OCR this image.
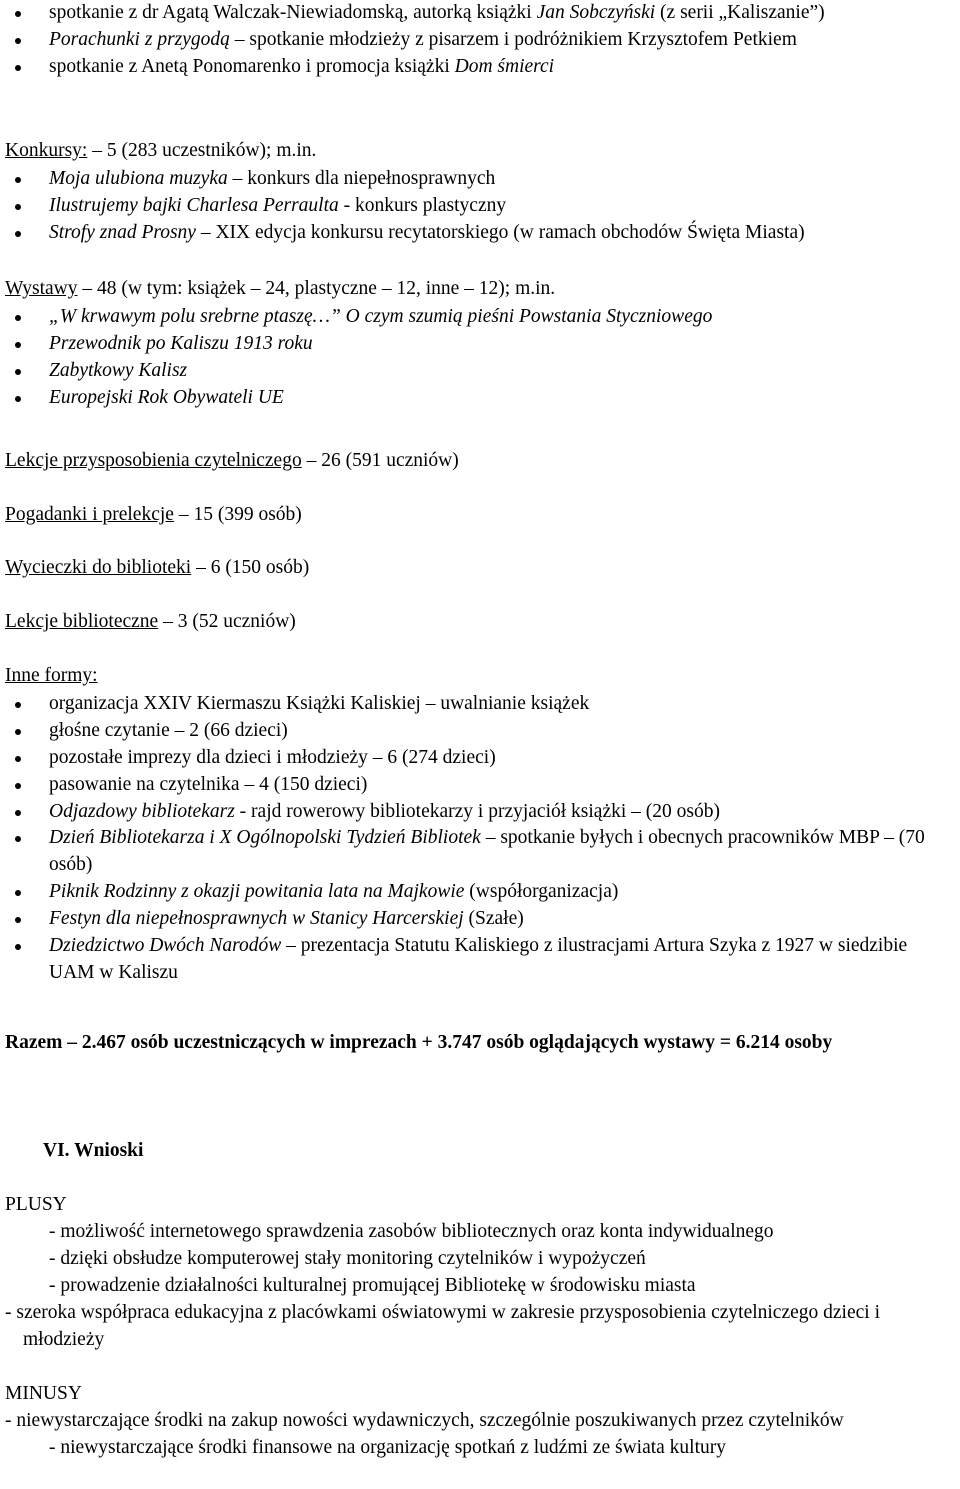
spotkanie z dr Agatą Walczak-Niewiadomską, autorką książki Jan Sobczyński (z serii „Kaliszanie”)
Porachunki z przygodą – spotkanie młodzieży z pisarzem i podróżnikiem Krzysztofem Petkiem
spotkanie z Anetą Ponomarenko i promocja książki Dom śmierci
Konkursy: – 5 (283 uczestników); m.in.
Moja ulubiona muzyka – konkurs dla niepełnosprawnych
Ilustrujemy bajki Charlesa Perraulta - konkurs plastyczny
Strofy znad Prosny – XIX edycja konkursu recytatorskiego (w ramach obchodów Święta Miasta)
Wystawy – 48 (w tym: książek – 24, plastyczne – 12, inne – 12); m.in.
„W krwawym polu srebrne ptaszę…” O czym szumią pieśni Powstania Styczniowego
Przewodnik po Kaliszu 1913 roku
Zabytkowy Kalisz
Europejski Rok Obywateli UE
Lekcje przysposobienia czytelniczego – 26 (591 uczniów)
Pogadanki i prelekcje – 15 (399 osób)
Wycieczki do biblioteki – 6 (150 osób)
Lekcje biblioteczne – 3 (52 uczniów)
Inne formy:
organizacja XXIV Kiermaszu Książki Kaliskiej – uwalnianie książek
głośne czytanie – 2 (66 dzieci)
pozostałe imprezy dla dzieci i młodzieży – 6 (274 dzieci)
pasowanie na czytelnika – 4 (150 dzieci)
Odjazdowy bibliotekarz - rajd rowerowy bibliotekarzy i przyjaciół książki – (20 osób)
Dzień Bibliotekarza i X Ogólnopolski Tydzień Bibliotek – spotkanie byłych i obecnych pracowników MBP – (70 osób)
Piknik Rodzinny z okazji powitania lata na Majkowie (współorganizacja)
Festyn dla niepełnosprawnych w Stanicy Harcerskiej (Szałe)
Dziedzictwo Dwóch Narodów – prezentacja Statutu Kaliskiego z ilustracjami Artura Szyka z 1927 w siedzibie UAM w Kaliszu
Razem – 2.467 osób uczestniczących w imprezach + 3.747 osób oglądających wystawy = 6.214 osoby
VI. Wnioski
PLUSY
- możliwość internetowego sprawdzenia zasobów bibliotecznych oraz konta indywidualnego
- dzięki obsłudze komputerowej stały monitoring czytelników i wypożyczeń
- prowadzenie działalności kulturalnej promującej Bibliotekę w środowisku miasta
- szeroka współpraca edukacyjna z placówkami oświatowymi w zakresie przysposobienia czytelniczego dzieci i młodzieży
MINUSY
- niewystarczające środki na zakup nowości wydawniczych, szczególnie poszukiwanych przez czytelników
- niewystarczające środki finansowe na organizację spotkań z ludźmi ze świata kultury
